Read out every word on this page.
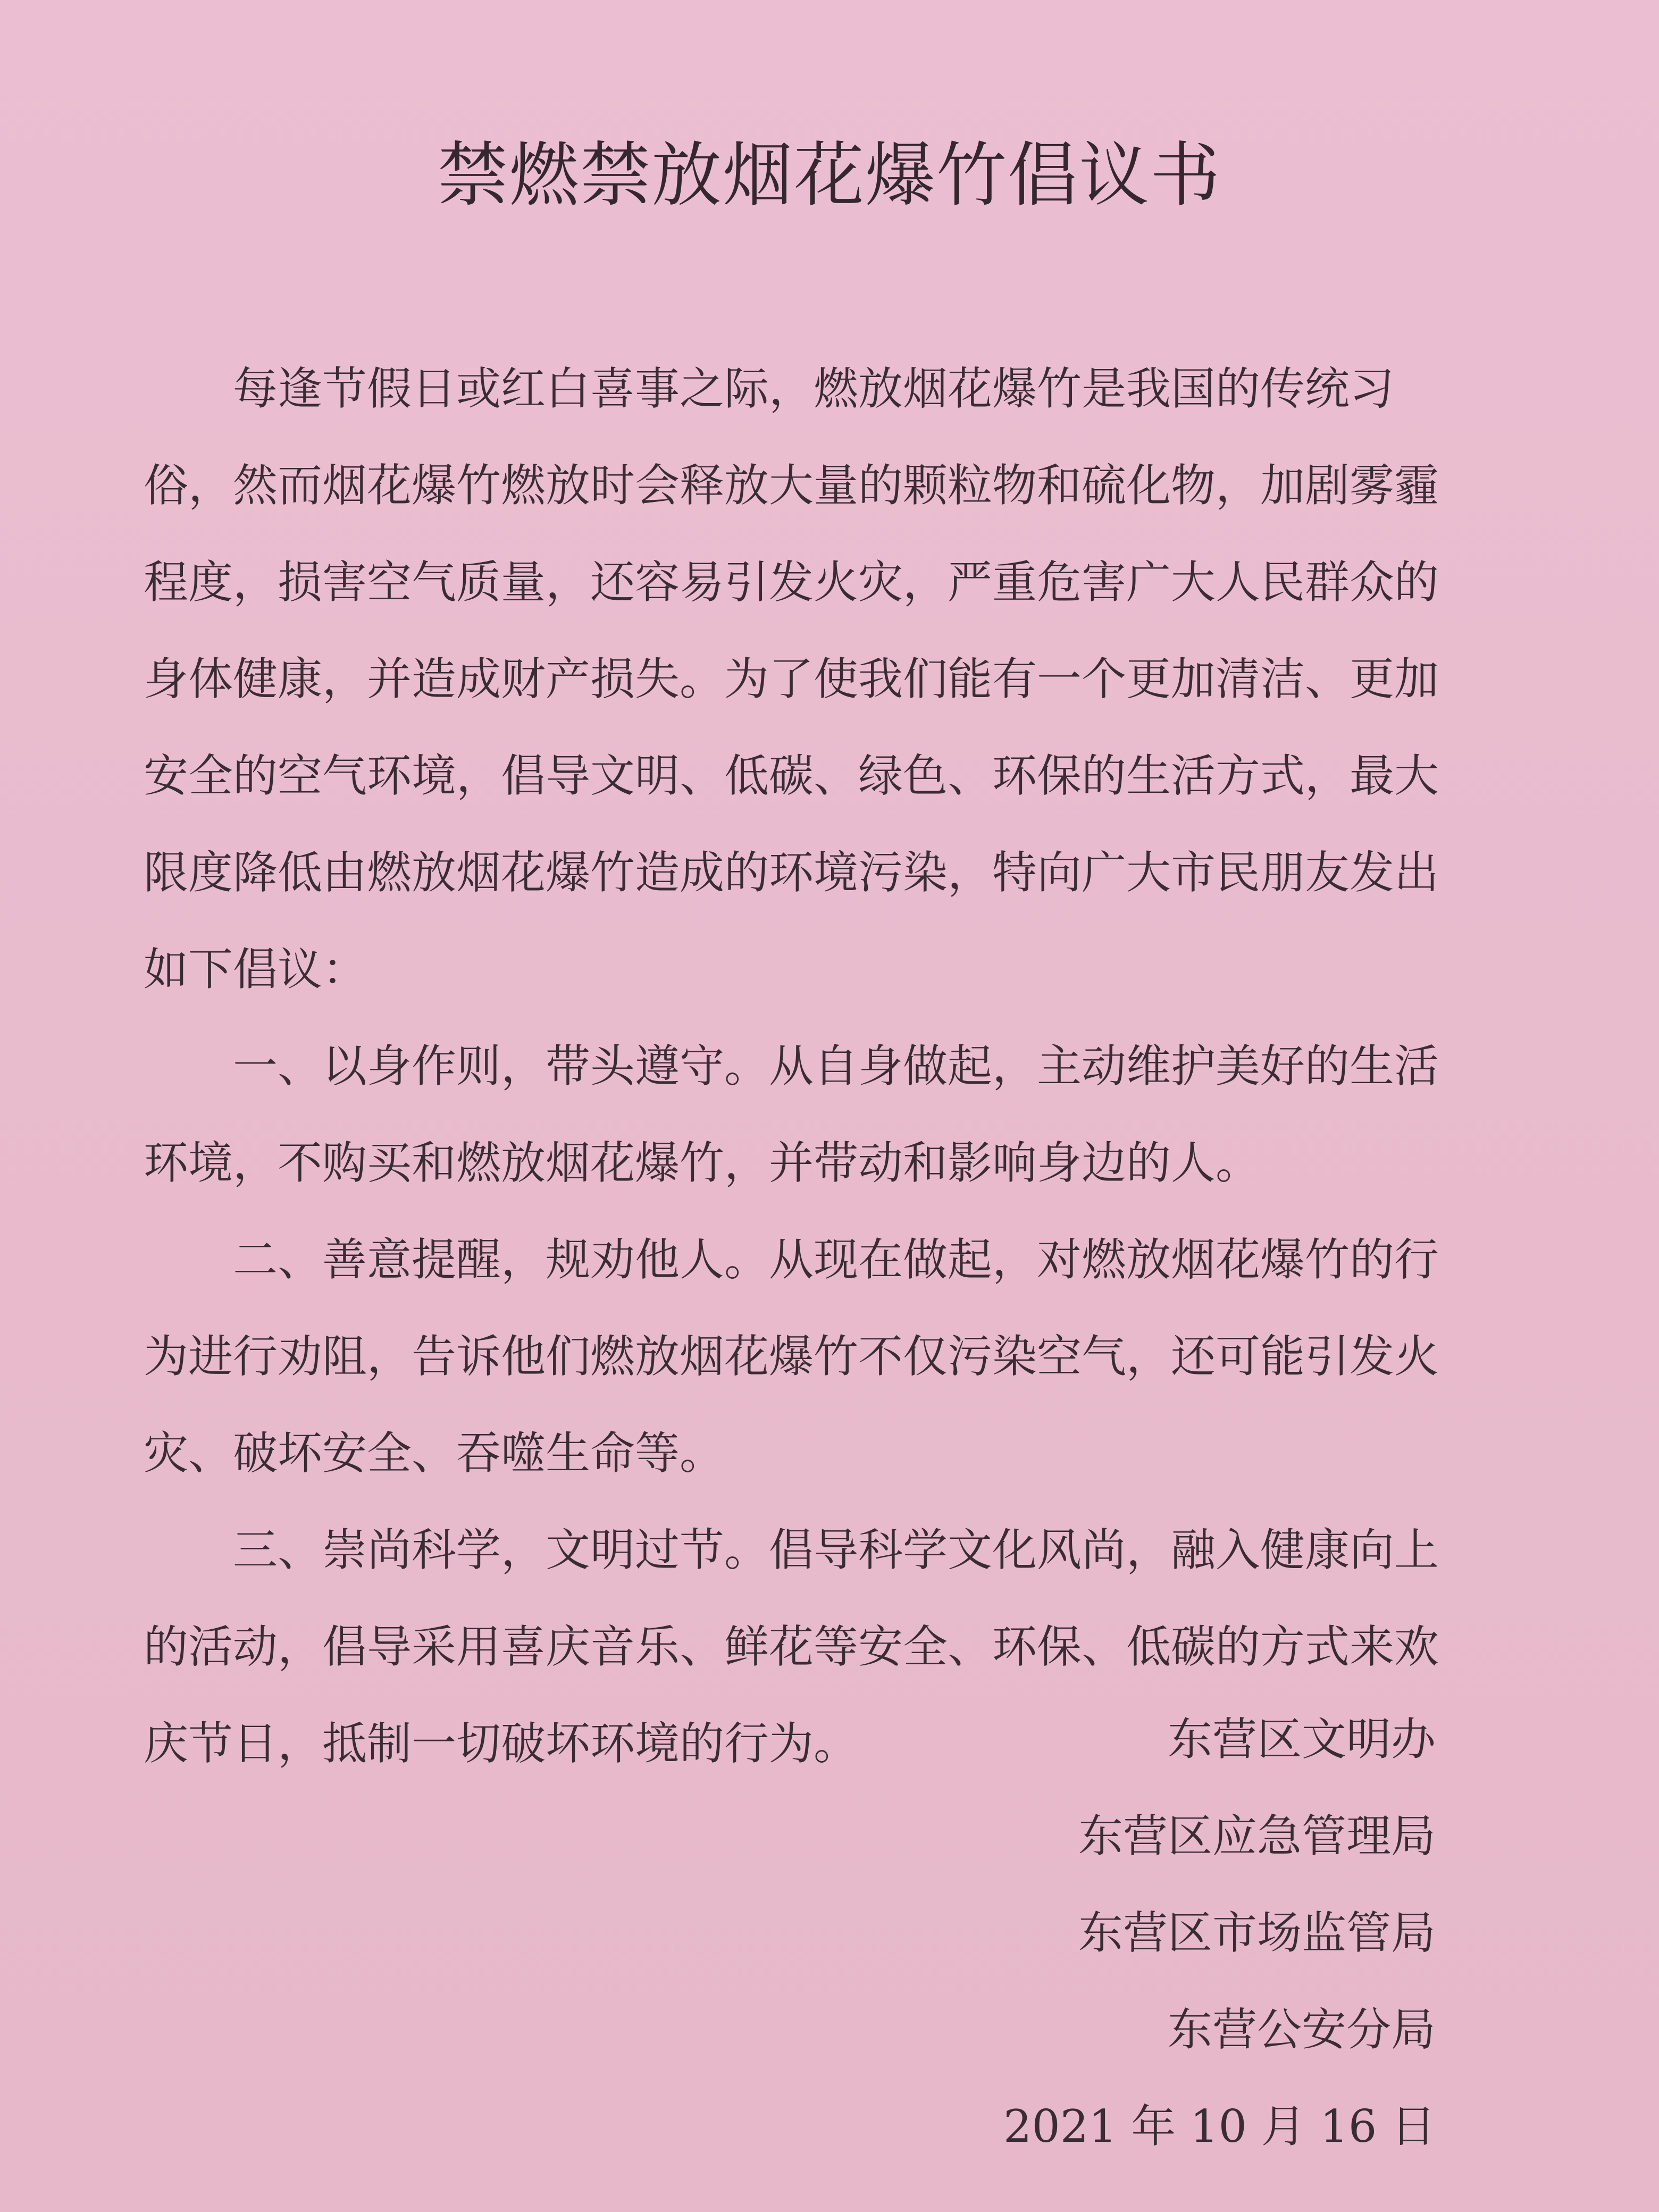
禁燃禁放烟花爆竹倡议书

每逢节假日或红白喜事之际，燃放烟花爆竹是我国的传统习俗，然而烟花爆竹燃放时会释放大量的颗粒物和硫化物，加剧雾霾程度，损害空气质量，还容易引发火灾，严重危害广大人民群众的身体健康，并造成财产损失。为了使我们能有一个更加清洁、更加安全的空气环境，倡导文明、低碳、绿色、环保的生活方式，最大限度降低由燃放烟花爆竹造成的环境污染，特向广大市民朋友发出如下倡议：

一、以身作则，带头遵守。从自身做起，主动维护美好的生活环境，不购买和燃放烟花爆竹，并带动和影响身边的人。

二、善意提醒，规劝他人。从现在做起，对燃放烟花爆竹的行为进行劝阻，告诉他们燃放烟花爆竹不仅污染空气，还可能引发火灾、破坏安全、吞噬生命等。

三、崇尚科学，文明过节。倡导科学文化风尚，融入健康向上的活动，倡导采用喜庆音乐、鲜花等安全、环保、低碳的方式来欢庆节日，抵制一切破坏环境的行为。	东营区文明办
东营区应急管理局
东营区市场监管局
东营公安分局
2021 年 10 月 16 日
